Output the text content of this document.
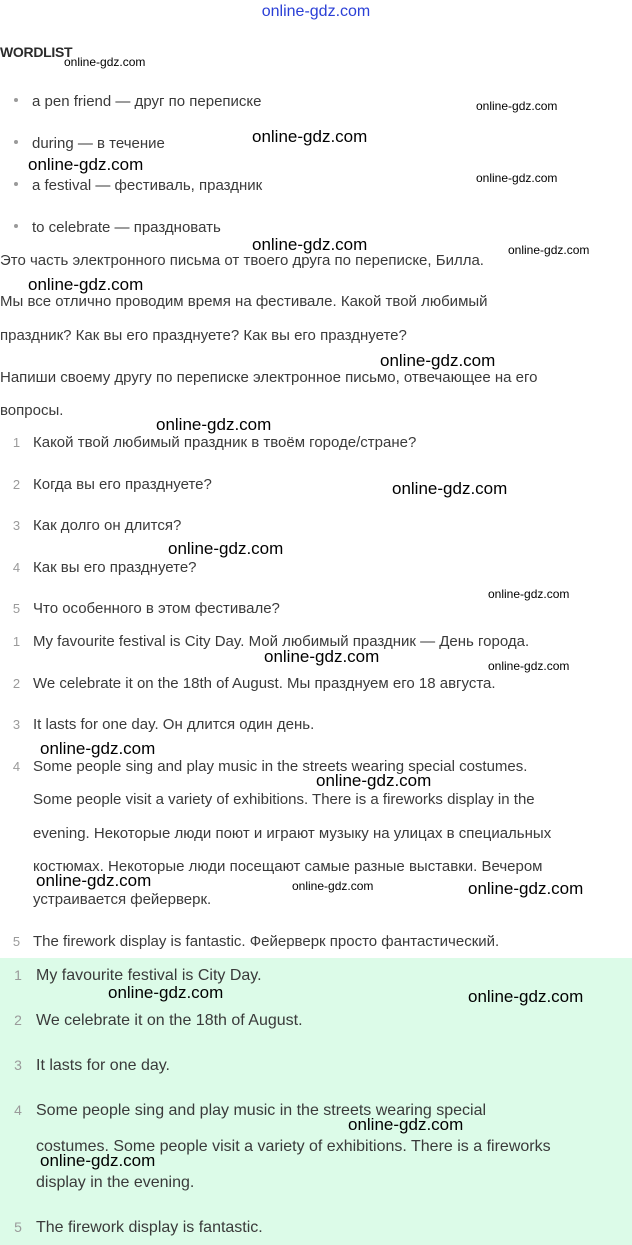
online-gdz.com
WORDLIST
a pen friend — друг по переписке
during — в течение
a festival — фестиваль, праздник
to celebrate — праздновать
Это часть электронного письма от твоего друга по переписке, Билла.
Мы все отлично проводим время на фестивале. Какой твой любимый
праздник? Как вы его празднуете? Как вы его празднуете?
Напиши своему другу по переписке электронное письмо, отвечающее на его
вопросы.
1 Какой твой любимый праздник в твоём городе/стране?
2 Когда вы его празднуете?
3 Как долго он длится?
4 Как вы его празднуете?
5 Что особенного в этом фестивале?
1 My favourite festival is City Day. Мой любимый праздник — День города.
2 We celebrate it on the 18th of August. Мы празднуем его 18 августа.
3 It lasts for one day. Он длится один день.
4 Some people sing and play music in the streets wearing special costumes.
Some people visit a variety of exhibitions. There is a fireworks display in the
evening. Некоторые люди поют и играют музыку на улицах в специальных
костюмах. Некоторые люди посещают самые разные выставки. Вечером
устраивается фейерверк.
5 The firework display is fantastic. Фейерверк просто фантастический.
1 My favourite festival is City Day.
2 We celebrate it on the 18th of August.
3 It lasts for one day.
4 Some people sing and play music in the streets wearing special
costumes. Some people visit a variety of exhibitions. There is a fireworks
display in the evening.
5 The firework display is fantastic.
online-gdz.com
online-gdz.com
online-gdz.com
online-gdz.com
online-gdz.com
online-gdz.com	online-gdz.com
online-gdz.com
online-gdz.com
online-gdz.com
online-gdz.com
online-gdz.com
online-gdz.com
online-gdz.com	online-gdz.com
online-gdz.com
online-gdz.com
online-gdz.com	online-gdz.com	online-gdz.com
online-gdz.com	online-gdz.com
online-gdz.com
online-gdz.com
